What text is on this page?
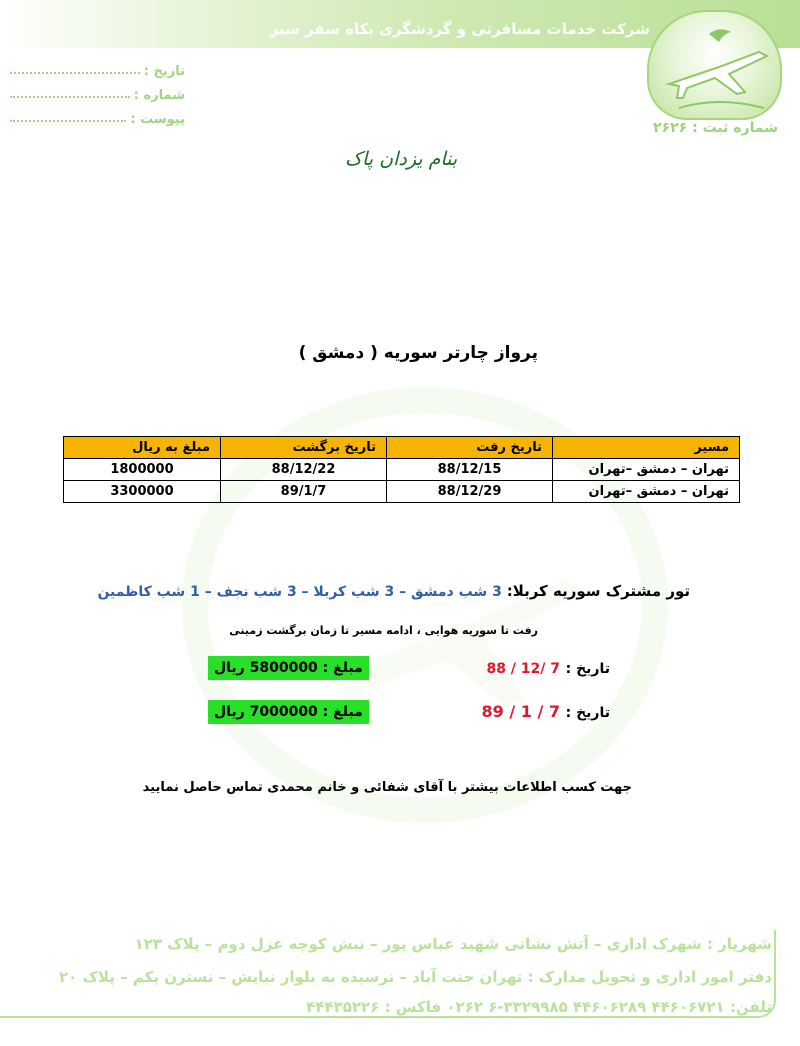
شرکت خدمات مسافرتی و گردشگری بکاه سفر سبز
شماره ثبت : ۲۶۲۶
تاریخ :
شماره :
پیوست :
بنام یزدان پاک
پرواز چارتر سوریه ( دمشق )
مسیر	تاریخ رفت	تاریخ برگشت	مبلغ به ریال
تهران – دمشق –تهران	88/12/15	88/12/22	1800000
تهران – دمشق –تهران	88/12/29	89/1/7	3300000
تور مشترک سوریه کربلا: 3 شب دمشق – 3 شب کربلا – 3 شب نجف – 1 شب کاظمین
رفت تا سوریه هوایی ، ادامه مسیر تا زمان برگشت زمینی
تاریخ : 88 / 12/ 7
مبلغ : 5800000 ریال
تاریخ : 89 / 1 / 7
مبلغ : 7000000 ریال
جهت کسب اطلاعات بیشتر با آقای شفائی و خانم محمدی تماس حاصل نمایید
شهریار : شهرک اداری – آتش نشانی شهید عباس پور – نبش کوچه غزل دوم – پلاک ۱۲۳
دفتر امور اداری و تحویل مدارک : تهران جنت آباد – نرسیده به بلوار نیایش – نسترن یکم – پلاک ۲۰
تلفن: ۴۴۶۰۶۷۲۱ ۴۴۶۰۶۲۸۹ ۳۳۲۹۹۸۵-۶ ۰۲۶۲ فاکس : ۴۴۴۳۵۲۲۶
